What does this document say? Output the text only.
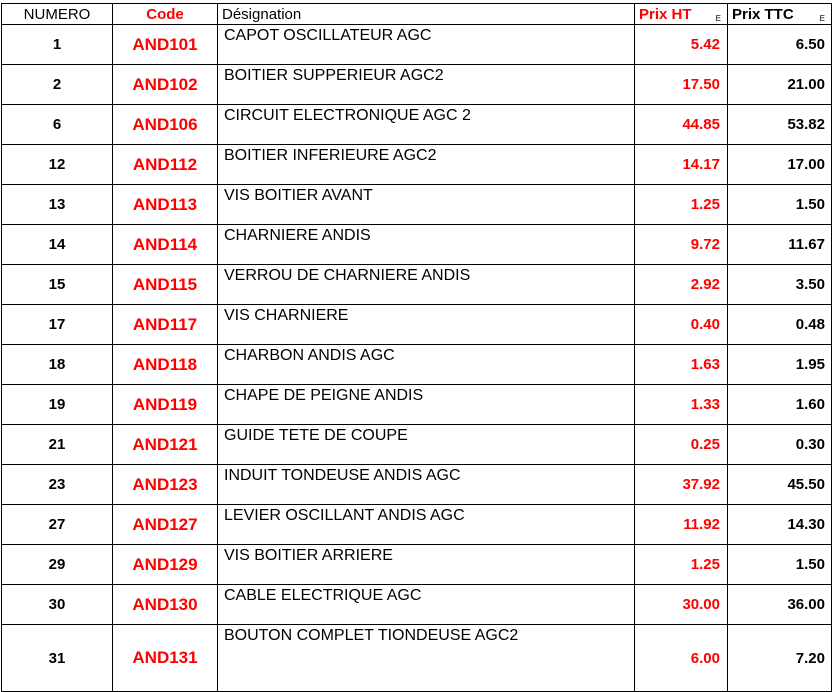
NUMERO	Code	Désignation	Prix HT E	Prix TTC E

1	AND101	CAPOT OSCILLATEUR AGC	5.42	6.50
2	AND102	BOITIER SUPPERIEUR AGC2	17.50	21.00
6	AND106	CIRCUIT ELECTRONIQUE AGC 2	44.85	53.82
12	AND112	BOITIER INFERIEURE AGC2	14.17	17.00
13	AND113	VIS BOITIER AVANT	1.25	1.50
14	AND114	CHARNIERE ANDIS	9.72	11.67
15	AND115	VERROU DE CHARNIERE ANDIS	2.92	3.50
17	AND117	VIS CHARNIERE	0.40	0.48
18	AND118	CHARBON ANDIS AGC	1.63	1.95
19	AND119	CHAPE DE PEIGNE ANDIS	1.33	1.60
21	AND121	GUIDE TETE DE COUPE	0.25	0.30
23	AND123	INDUIT TONDEUSE ANDIS AGC	37.92	45.50
27	AND127	LEVIER OSCILLANT ANDIS AGC	11.92	14.30
29	AND129	VIS BOITIER ARRIERE	1.25	1.50
30	AND130	CABLE ELECTRIQUE AGC	30.00	36.00
31	AND131	BOUTON COMPLET TIONDEUSE AGC2	6.00	7.20
